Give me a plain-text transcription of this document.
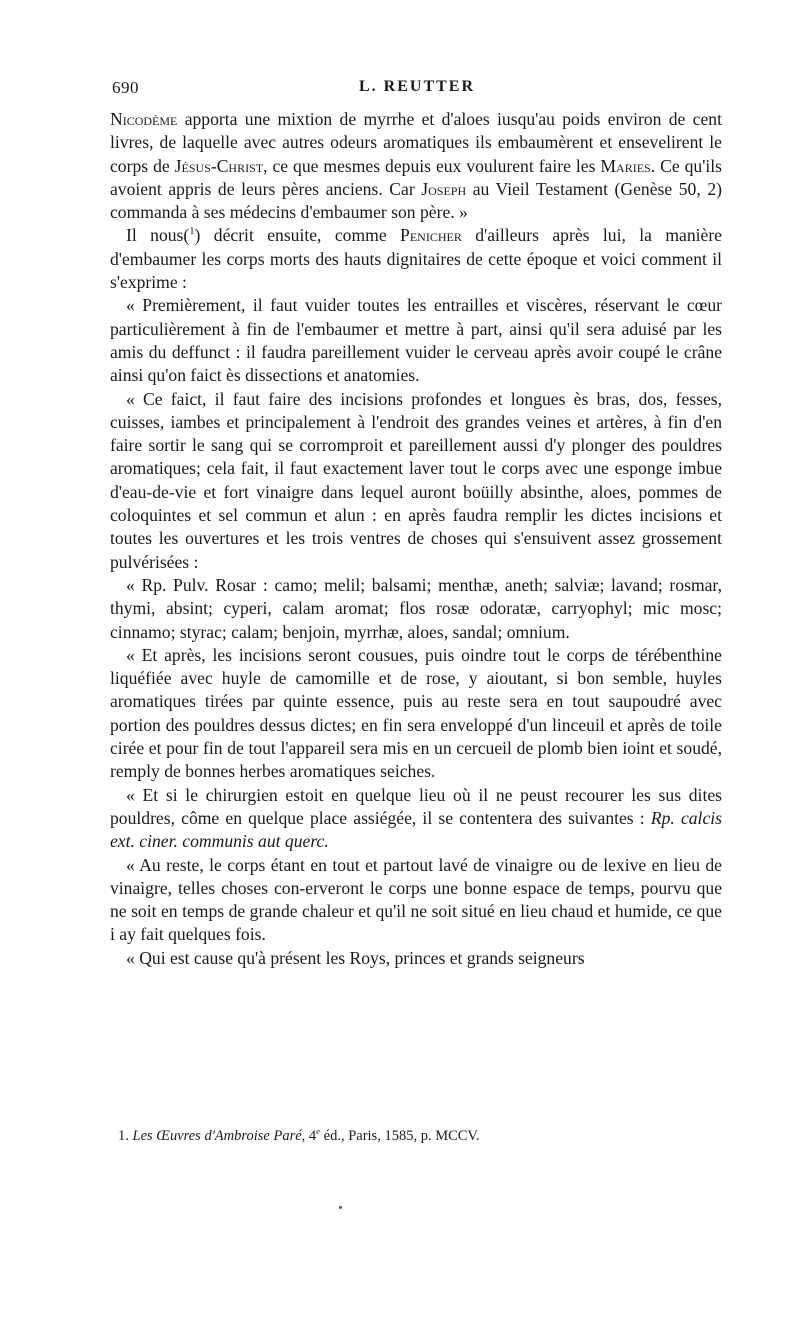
690	L. REUTTER

Nicodème apporta une mixtion de myrrhe et d'aloes iusqu'au poids environ de cent livres, de laquelle avec autres odeurs aromatiques ils embaumèrent et ensevelirent le corps de Jésus-Christ, ce que mesmes depuis eux voulurent faire les Maries. Ce qu'ils avoient appris de leurs pères anciens. Car Joseph au Vieil Testament (Genèse 50, 2) commanda à ses médecins d'embaumer son père. »

Il nous($^1$) décrit ensuite, comme Penicher d'ailleurs après lui, la manière d'embaumer les corps morts des hauts dignitaires de cette époque et voici comment il s'exprime :

« Premièrement, il faut vuider toutes les entrailles et viscères, réservant le cœur particulièrement à fin de l'embaumer et mettre à part, ainsi qu'il sera aduisé par les amis du deffunct : il faudra pareillement vuider le cerveau après avoir coupé le crâne ainsi qu'on faict ès dissections et anatomies.

« Ce faict, il faut faire des incisions profondes et longues ès bras, dos, fesses, cuisses, iambes et principalement à l'endroit des grandes veines et artères, à fin d'en faire sortir le sang qui se corromproit et pareillement aussi d'y plonger des pouldres aromatiques; cela fait, il faut exactement laver tout le corps avec une esponge imbue d'eau-de-vie et fort vinaigre dans lequel auront boüilly absinthe, aloes, pommes de coloquintes et sel commun et alun : en après faudra remplir les dictes incisions et toutes les ouvertures et les trois ventres de choses qui s'ensuivent assez grossement pulvérisées :

« Rp. Pulv. Rosar : camo; melil; balsami; menthæ, aneth; salviæ; lavand; rosmar, thymi, absint; cyperi, calam aromat; flos rosæ odoratæ, carryophyl; mic mosc; cinnamo; styrac; calam; benjoin, myrrhæ, aloes, sandal; omnium.

« Et après, les incisions seront cousues, puis oindre tout le corps de térébenthine liquéfiée avec huyle de camomille et de rose, y aioutant, si bon semble, huyles aromatiques tirées par quinte essence, puis au reste sera en tout saupoudré avec portion des pouldres dessus dictes; en fin sera enveloppé d'un linceuil et après de toile cirée et pour fin de tout l'appareil sera mis en un cercueil de plomb bien ioint et soudé, remply de bonnes herbes aromatiques seiches.

« Et si le chirurgien estoit en quelque lieu où il ne peust recourer les sus dites pouldres, côme en quelque place assiégée, il se contentera des suivantes : Rp. calcis ext. ciner. communis aut querc.

« Au reste, le corps étant en tout et partout lavé de vinaigre ou de lexive en lieu de vinaigre, telles choses con-erveront le corps une bonne espace de temps, pourvu que ne soit en temps de grande chaleur et qu'il ne soit situé en lieu chaud et humide, ce que i ay fait quelques fois.

« Qui est cause qu'à présent les Roys, princes et grands seigneurs

1. Les Œuvres d'Ambroise Paré, 4e éd., Paris, 1585, p. MCCV.
